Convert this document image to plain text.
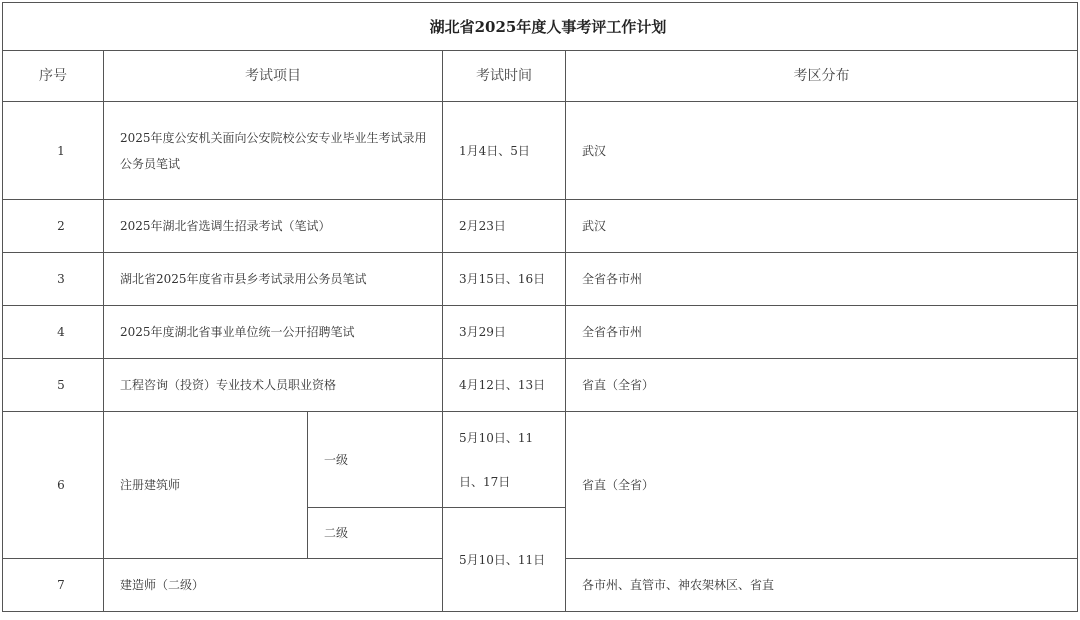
湖北省2025年度人事考评工作计划				
序号	考试项目		考试时间	考区分布
1	2025年度公安机关面向公安院校公安专业毕业生考试录用公务员笔试		1月4日、5日	武汉
2	2025年湖北省选调生招录考试（笔试）		2月23日	武汉
3	湖北省2025年度省市县乡考试录用公务员笔试		3月15日、16日	全省各市州
4	2025年度湖北省事业单位统一公开招聘笔试		3月29日	全省各市州
5	工程咨询（投资）专业技术人员职业资格		4月12日、13日	省直（全省）
6	注册建筑师	一级	5月10日、11日、17日	省直（全省）
		二级	5月10日、11日	
7	建造师（二级）			各市州、直管市、神农架林区、省直
